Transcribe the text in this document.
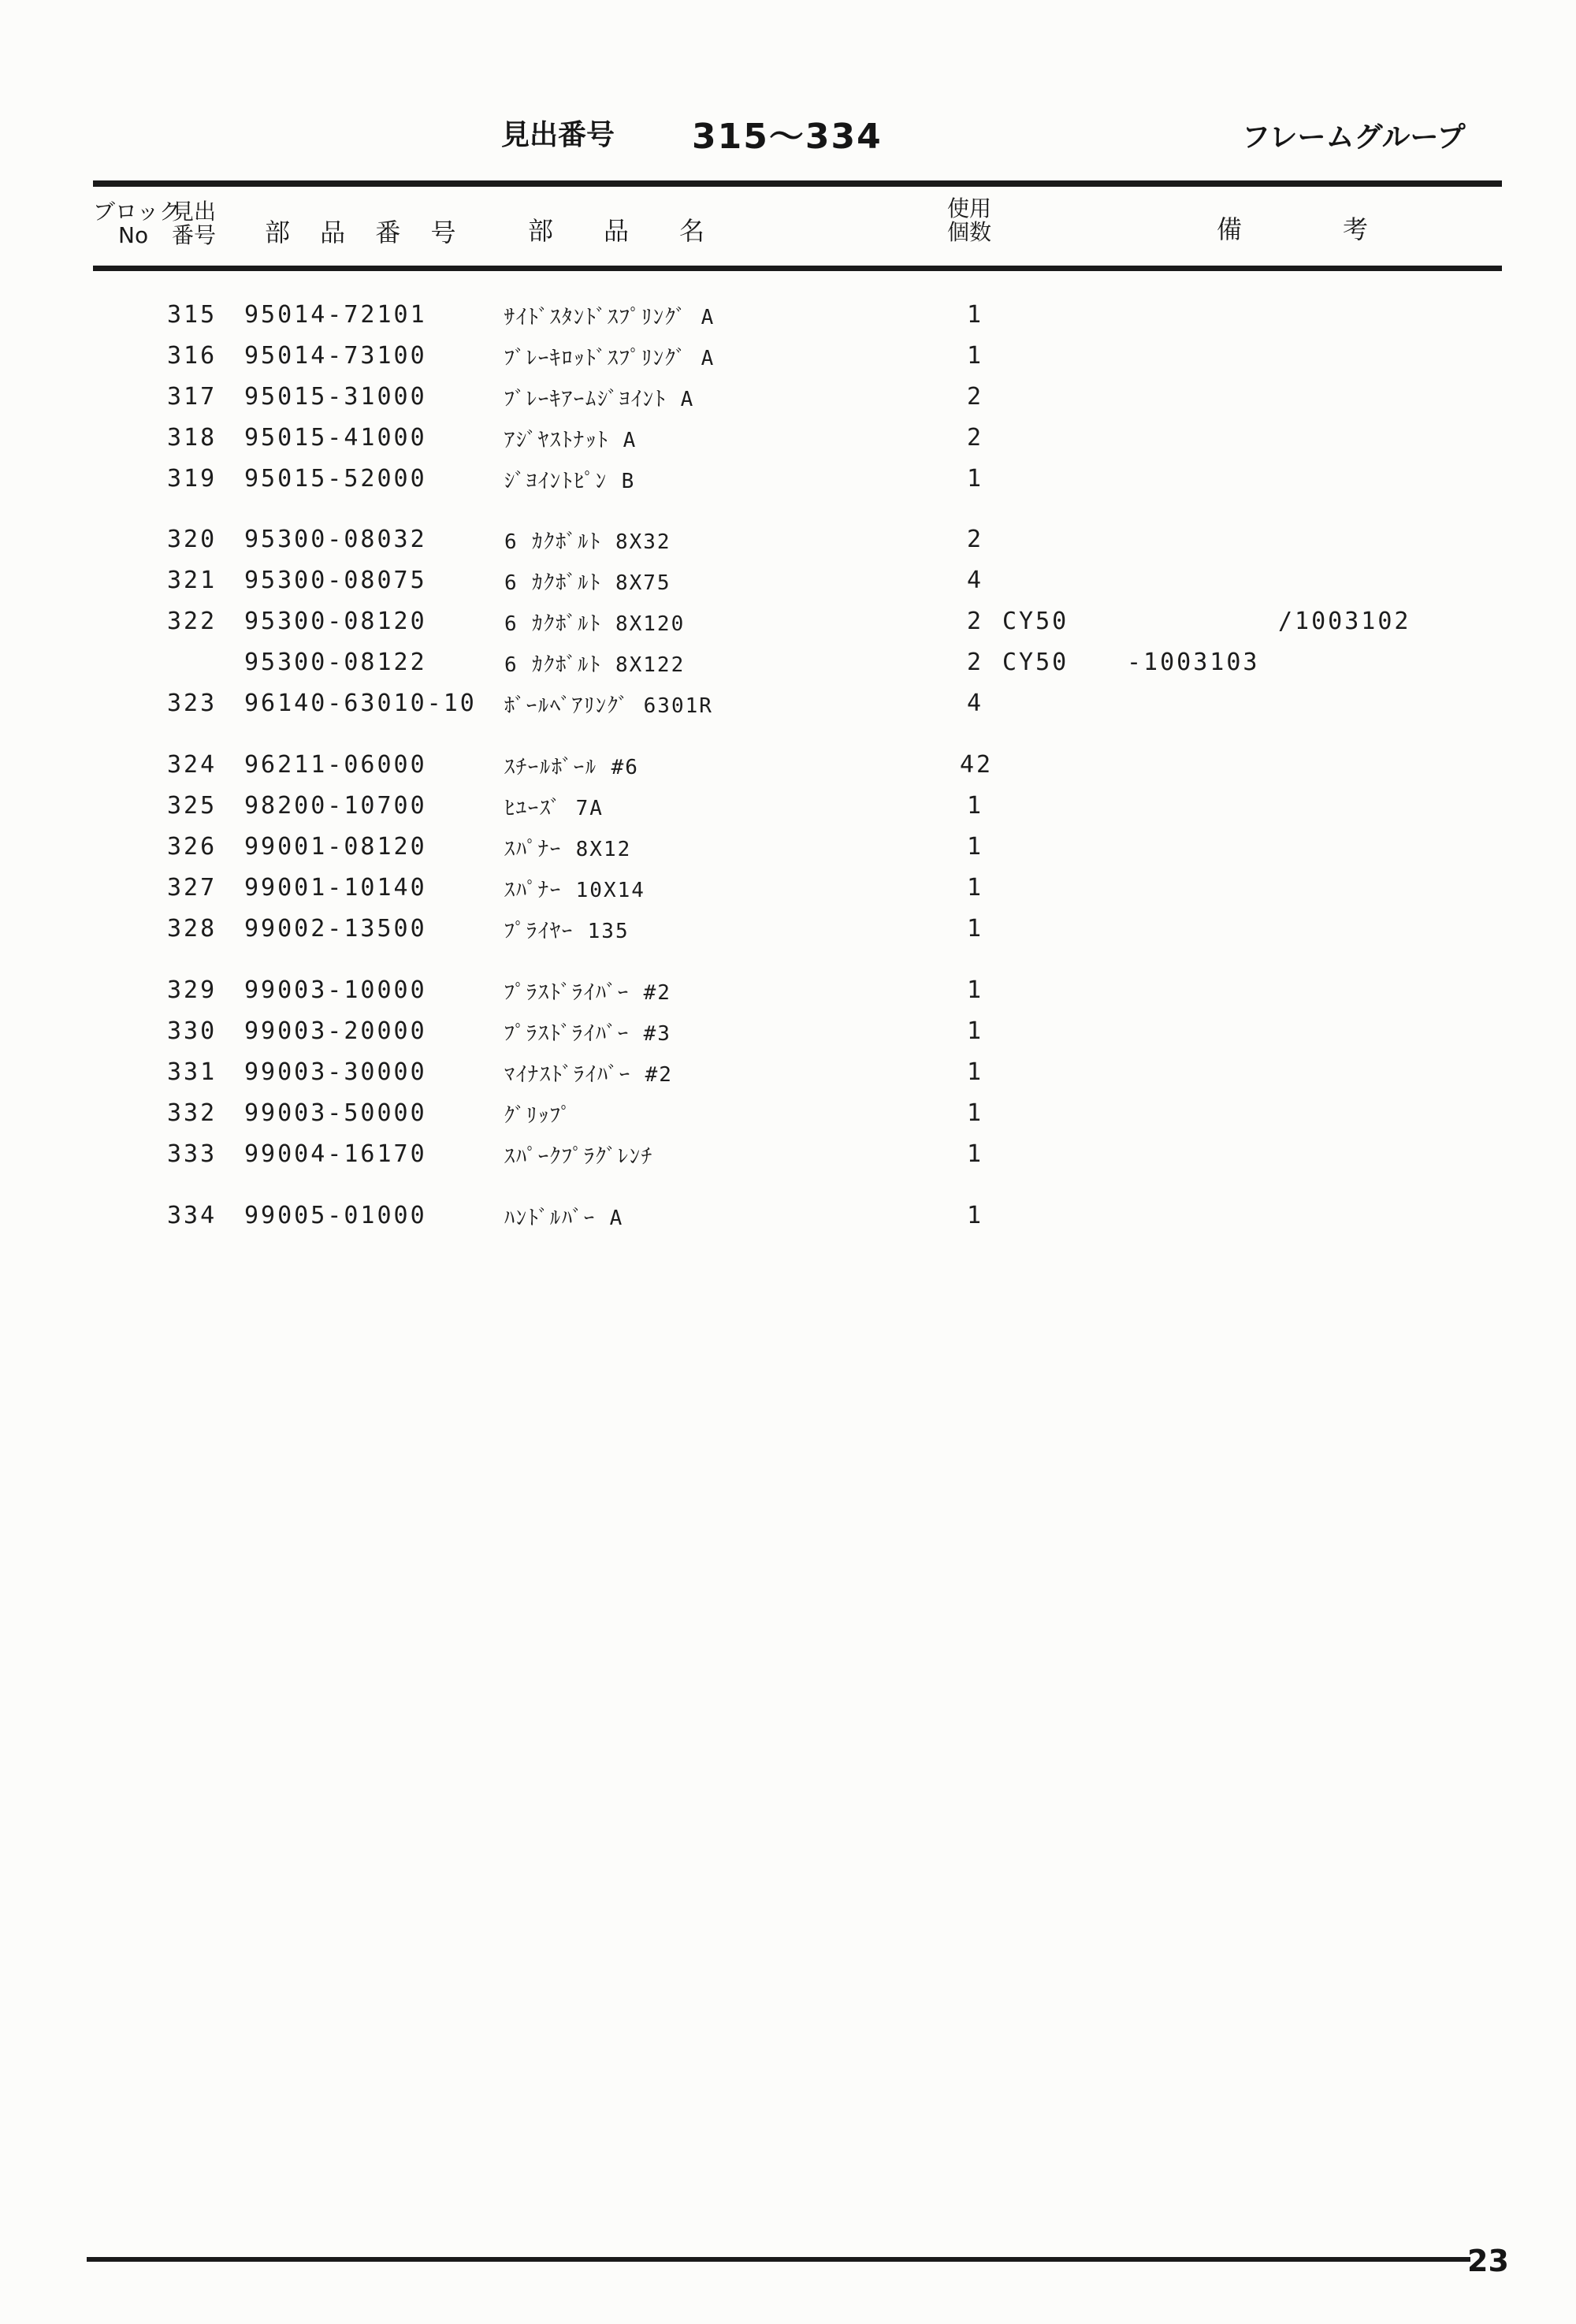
見出番号 315〜334	フレームグループ
ブロック
No
見出
番号 部 品 番 号 部　　品　　名
使用
個数	備　　　　考
315 95014-72101	ｻｲﾄﾞｽﾀﾝﾄﾞｽﾌﾟﾘﾝｸﾞ A	1
316 95014-73100	ﾌﾞﾚｰｷﾛｯﾄﾞｽﾌﾟﾘﾝｸﾞ A	1
317 95015-31000	ﾌﾞﾚｰｷｱｰﾑｼﾞﾖｲﾝﾄ A	2
318 95015-41000	ｱｼﾞﾔｽﾄﾅｯﾄ A	2
319 95015-52000	ｼﾞﾖｲﾝﾄﾋﾟﾝ B	1
320 95300-08032	6 ｶｸﾎﾞﾙﾄ 8X32	2
321 95300-08075	6 ｶｸﾎﾞﾙﾄ 8X75	4
322 95300-08120	6 ｶｸﾎﾞﾙﾄ 8X120	2 CY50	/1003102
95300-08122	6 ｶｸﾎﾞﾙﾄ 8X122	2 CY50 -1003103
323 96140-63010-10 ﾎﾞｰﾙﾍﾞｱﾘﾝｸﾞ 6301R	4
324 96211-06000	ｽﾁｰﾙﾎﾞｰﾙ #6	42
325 98200-10700	ﾋﾕｰｽﾞ 7A	1
326 99001-08120	ｽﾊﾟﾅｰ 8X12	1
327 99001-10140	ｽﾊﾟﾅｰ 10X14	1
328 99002-13500	ﾌﾟﾗｲﾔｰ 135	1
329 99003-10000	ﾌﾟﾗｽﾄﾞﾗｲﾊﾞｰ #2	1
330 99003-20000	ﾌﾟﾗｽﾄﾞﾗｲﾊﾞｰ #3	1
331 99003-30000	ﾏｲﾅｽﾄﾞﾗｲﾊﾞｰ #2	1
332 99003-50000	ｸﾞﾘｯﾌﾟ	1
333 99004-16170	ｽﾊﾟｰｸﾌﾟﾗｸﾞﾚﾝﾁ	1
334 99005-01000	ﾊﾝﾄﾞﾙﾊﾞｰ A	1
23
